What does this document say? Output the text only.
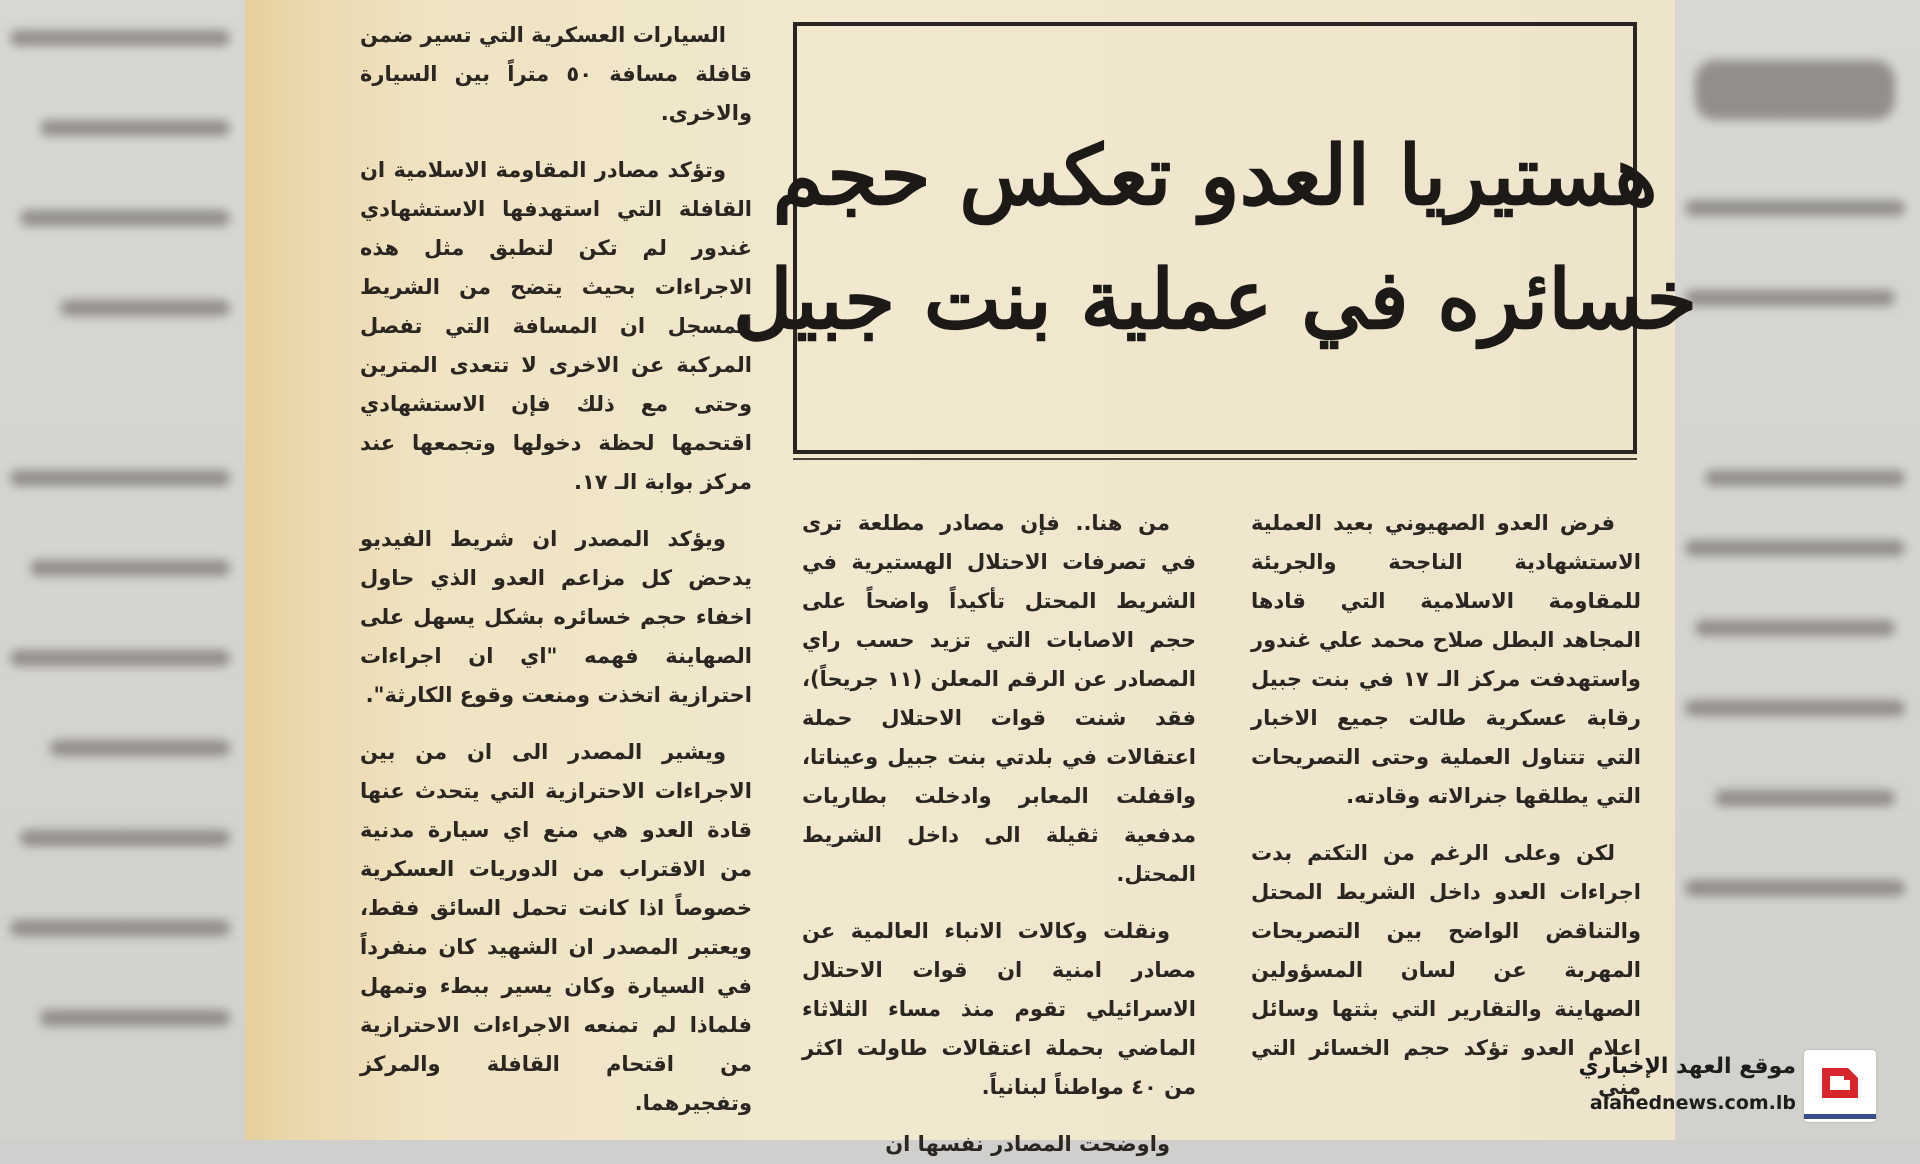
السيارات العسكرية التي تسير ضمن قافلة مسافة ٥٠ متراً بين السيارة والاخرى.

وتؤكد مصادر المقاومة الاسلامية ان القافلة التي استهدفها الاستشهادي غندور لم تكن لتطبق مثل هذه الاجراءات بحيث يتضح من الشريط المسجل ان المسافة التي تفصل المركبة عن الاخرى لا تتعدى المترين وحتى مع ذلك فإن الاستشهادي اقتحمها لحظة دخولها وتجمعها عند مركز بوابة الـ ١٧.

ويؤكد المصدر ان شريط الفيديو يدحض كل مزاعم العدو الذي حاول اخفاء حجم خسائره بشكل يسهل على الصهاينة فهمه "اي ان اجراءات احترازية اتخذت ومنعت وقوع الكارثة".

ويشير المصدر الى ان من بين الاجراءات الاحترازية التي يتحدث عنها قادة العدو هي منع اي سيارة مدنية من الاقتراب من الدوريات العسكرية خصوصاً اذا كانت تحمل السائق فقط، ويعتبر المصدر ان الشهيد كان منفرداً في السيارة وكان يسير ببطء وتمهل فلماذا لم تمنعه الاجراءات الاحترازية من اقتحام القافلة والمركز وتفجيرهما.

هستيريا العدو تعكس حجم
خسائره في عملية بنت جبيل

من هنا.. فإن مصادر مطلعة ترى في تصرفات الاحتلال الهستيرية في الشريط المحتل تأكيداً واضحاً على حجم الاصابات التي تزيد حسب راي المصادر عن الرقم المعلن (١١ جريحاً)، فقد شنت قوات الاحتلال حملة اعتقالات في بلدتي بنت جبيل وعيناتا، واقفلت المعابر وادخلت بطاريات مدفعية ثقيلة الى داخل الشريط المحتل.

ونقلت وكالات الانباء العالمية عن مصادر امنية ان قوات الاحتلال الاسرائيلي تقوم منذ مساء الثلاثاء الماضي بحملة اعتقالات طاولت اكثر من ٤٠ مواطناً لبنانياً.

واوضحت المصادر نفسها ان

فرض العدو الصهيوني بعيد العملية الاستشهادية الناجحة والجريئة للمقاومة الاسلامية التي قادها المجاهد البطل صلاح محمد علي غندور واستهدفت مركز الـ ١٧ في بنت جبيل رقابة عسكرية طالت جميع الاخبار التي تتناول العملية وحتى التصريحات التي يطلقها جنرالاته وقادته.

لكن وعلى الرغم من التكتم بدت اجراءات العدو داخل الشريط المحتل والتناقض الواضح بين التصريحات المهربة عن لسان المسؤولين الصهاينة والتقارير التي بثتها وسائل اعلام العدو تؤكد حجم الخسائر التي مني

موقع العهد الإخباري
alahednews.com.lb
